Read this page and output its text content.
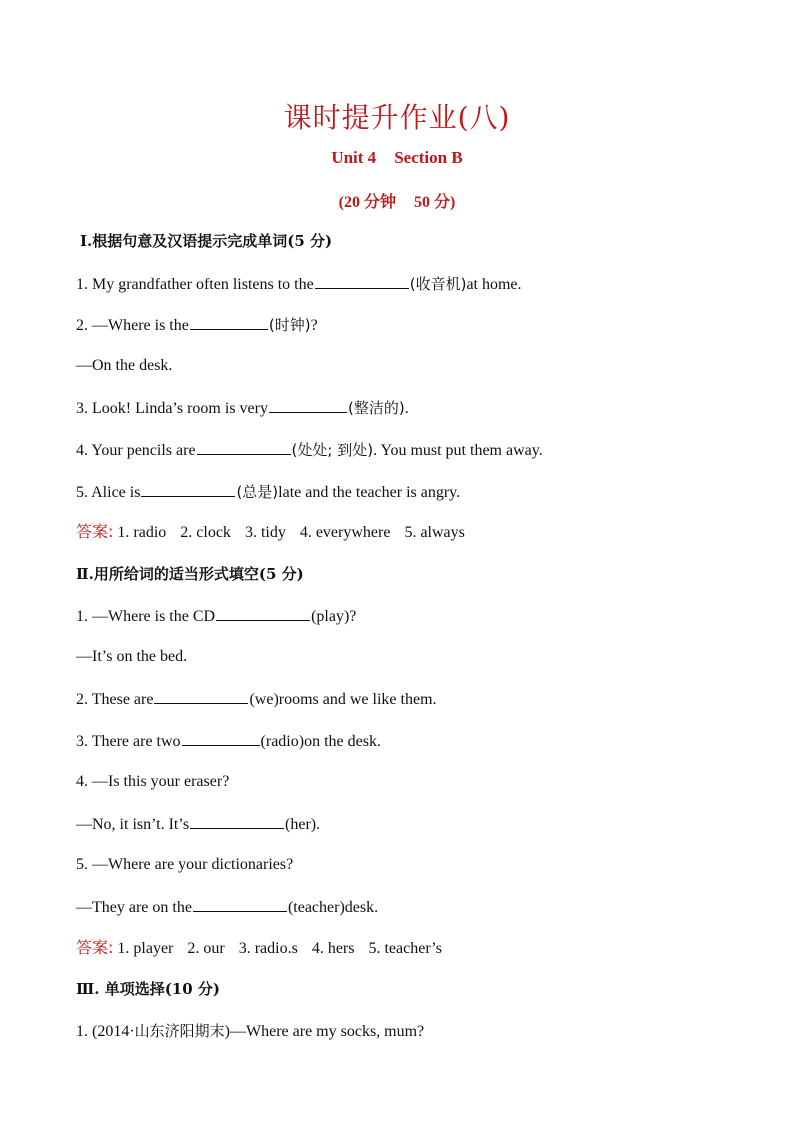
课时提升作业(八)
Unit 4 Section B
(20 分钟 50 分)
Ⅰ.根据句意及汉语提示完成单词(5 分)
1. My grandfather often listens to the	(收音机)at home.
2. —Where is the	(时钟)?
—On the desk.
3. Look! Linda’s room is very	(整洁的).
4. Your pencils are	(处处; 到处). You must put them away.
5. Alice is	(总是)late and the teacher is angry.
答案: 1. radio 2. clock 3. tidy 4. everywhere 5. always
Ⅱ.用所给词的适当形式填空(5 分)
1. —Where is the CD	(play)?
—It’s on the bed.
2. These are	(we)rooms and we like them.
3. There are two	(radio)on the desk.
4. —Is this your eraser?
—No, it isn’t. It’s	(her).
5. —Where are your dictionaries?
—They are on the	(teacher)desk.
答案: 1. player 2. our 3. radio.s 4. hers 5. teacher’s
Ⅲ. 单项选择(10 分)
1. (2014·山东济阳期末)—Where are my socks, mum?
